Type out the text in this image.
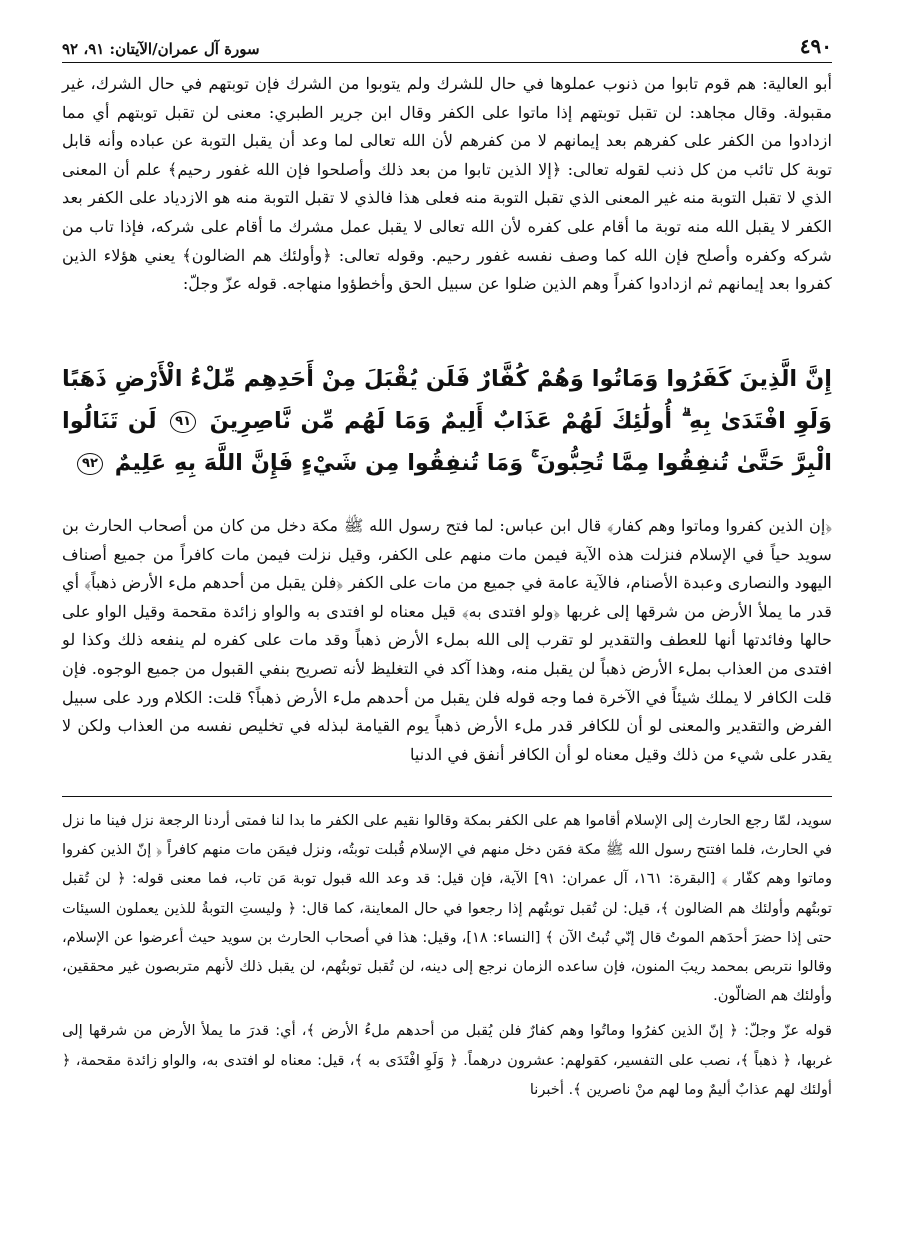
٤٩٠
سورة آل عمران/الآيتان: ٩١، ٩٢

أبو العالية: هم قوم تابوا من ذنوب عملوها في حال للشرك ولم يتوبوا من الشرك فإن توبتهم في حال الشرك، غير مقبولة. وقال مجاهد: لن تقبل توبتهم إذا ماتوا على الكفر وقال ابن جرير الطبري: معنى لن تقبل توبتهم أي مما ازدادوا من الكفر على كفرهم بعد إيمانهم لا من كفرهم لأن الله تعالى لما وعد أن يقبل التوبة عن عباده وأنه قابل توبة كل تائب من كل ذنب لقوله تعالى: ﴿إلا الذين تابوا من بعد ذلك وأصلحوا فإن الله غفور رحيم﴾ علم أن المعنى الذي لا تقبل التوبة منه غير المعنى الذي تقبل التوبة منه فعلى هذا فالذي لا تقبل التوبة منه هو الازدياد على الكفر بعد الكفر لا يقبل الله منه توبة ما أقام على كفره لأن الله تعالى لا يقبل عمل مشرك ما أقام على شركه، فإذا تاب من شركه وكفره وأصلح فإن الله كما وصف نفسه غفور رحيم. وقوله تعالى: ﴿وأولئك هم الضالون﴾ يعني هؤلاء الذين كفروا بعد إيمانهم ثم ازدادوا كفراً وهم الذين ضلوا عن سبيل الحق وأخطؤوا منهاجه. قوله عزّ وجلّ:

إِنَّ الَّذِينَ كَفَرُوا وَمَاتُوا وَهُمْ كُفَّارٌ فَلَن يُقْبَلَ مِنْ أَحَدِهِم مِّلْءُ الْأَرْضِ ذَهَبًا وَلَوِ افْتَدَىٰ بِهِ ۗ أُولَٰئِكَ لَهُمْ عَذَابٌ أَلِيمٌ وَمَا لَهُم مِّن نَّاصِرِينَ ٩١ لَن تَنَالُوا الْبِرَّ حَتَّىٰ تُنفِقُوا مِمَّا تُحِبُّونَ ۚ وَمَا تُنفِقُوا مِن شَيْءٍ فَإِنَّ اللَّهَ بِهِ عَلِيمٌ ٩٢

﴿إن الذين كفروا وماتوا وهم كفار﴾ قال ابن عباس: لما فتح رسول الله ﷺ مكة دخل من كان من أصحاب الحارث بن سويد حياً في الإسلام فنزلت هذه الآية فيمن مات منهم على الكفر، وقيل نزلت فيمن مات كافراً من جميع أصناف اليهود والنصارى وعبدة الأصنام، فالآية عامة في جميع من مات على الكفر ﴿فلن يقبل من أحدهم ملء الأرض ذهباً﴾ أي قدر ما يملأ الأرض من شرقها إلى غربها ﴿ولو افتدى به﴾ قيل معناه لو افتدى به والواو زائدة مقحمة وقيل الواو على حالها وفائدتها أنها للعطف والتقدير لو تقرب إلى الله بملء الأرض ذهباً وقد مات على كفره لم ينفعه ذلك وكذا لو افتدى من العذاب بملء الأرض ذهباً لن يقبل منه، وهذا آكد في التغليظ لأنه تصريح بنفي القبول من جميع الوجوه. فإن قلت الكافر لا يملك شيئاً في الآخرة فما وجه قوله فلن يقبل من أحدهم ملء الأرض ذهباً؟ قلت: الكلام ورد على سبيل الفرض والتقدير والمعنى لو أن للكافر قدر ملء الأرض ذهباً يوم القيامة لبذله في تخليص نفسه من العذاب ولكن لا يقدر على شيء من ذلك وقيل معناه لو أن الكافر أنفق في الدنيا

سويد، لمّا رجع الحارث إلى الإسلام أقاموا هم على الكفر بمكة وقالوا نقيم على الكفر ما بدا لنا فمتى أردنا الرجعة نزل فينا ما نزل في الحارث، فلما افتتح رسول الله ﷺ مكة فمَن دخل منهم في الإسلام قُبلت توبتُه، ونزل فيمَن مات منهم كافراً ﴿ إنّ الذين كفروا وماتوا وهم كفّار ﴾ [البقرة: ١٦١، آل عمران: ٩١] الآية، فإن قيل: قد وعد الله قبول توبة مَن تاب، فما معنى قوله: ﴿ لن تُقبل توبتُهم وأولئك هم الضالون ﴾، قيل: لن تُقبل توبتُهم إذا رجعوا في حال المعاينة، كما قال: ﴿ وليستِ التوبةُ للذين يعملون السيئات حتى إذا حضرَ أحدَهم الموتُ قال إنّي تُبتُ الآن ﴾ [النساء: ١٨]، وقيل: هذا في أصحاب الحارث بن سويد حيث أعرضوا عن الإسلام، وقالوا نتربص بمحمد ريبَ المنون، فإن ساعده الزمان نرجع إلى دينه، لن تُقبل توبتُهم، لن يقبل ذلك لأنهم متربصون غير محققين، وأولئك هم الضالّون.

قوله عزّ وجلّ: ﴿ إنّ الذين كفرُوا وماتُوا وهم كفارٌ فلن يُقبل من أحدهم ملءُ الأرض ﴾، أي: قدرَ ما يملأ الأرض من شرقها إلى غربها، ﴿ ذهباً ﴾، نصب على التفسير، كقولهم: عشرون درهماً. ﴿ وَلَوِ افْتَدَى به ﴾، قيل: معناه لو افتدى به، والواو زائدة مقحمة، ﴿ أولئك لهم عذابٌ أليمٌ وما لهم منْ ناصرين ﴾. أخبرنا
